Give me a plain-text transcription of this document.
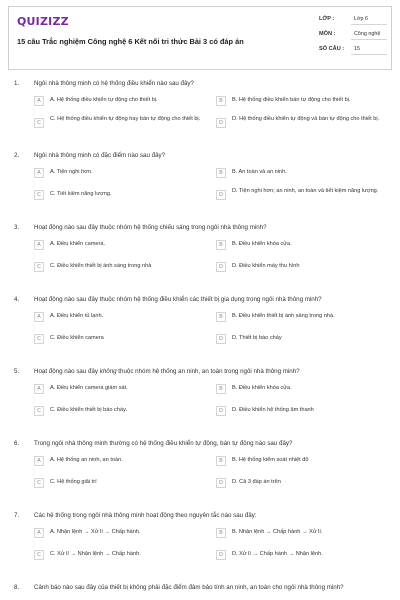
QUIZIZZ
15 câu Trắc nghiệm Công nghệ 6 Kết nối tri thức Bài 3 có đáp án
LỚP :	Lớp 6
MÔN :	Công nghệ
SỐ CÂU :	15
1. Ngôi nhà thông minh có hệ thống điều khiển nào sau đây?
A	A. Hệ thống điều khiển tự động cho thiết bị.	B	B. Hệ thống điều khiển bán tự động cho thiết bị.
C
C. Hệ thống điều khiển tự động hay bán tự động cho thiết bị.
D
D. Hệ thống điều khiển tự động và bán tự động cho thiết bị.
2. Ngôi nhà thông minh có đặc điểm nào sau đây?
A	A. Tiện nghi hơn.	B	B. An toàn và an ninh.
C	C. Tiết kiệm năng lượng.	D
D. Tiện nghi hơn; an ninh, an toàn và tiết kiệm năng lượng.
3. Hoạt động nào sau đây thuộc nhóm hệ thống chiếu sáng trong ngôi nhà thông minh?
A	A. Điều khiển camera.	B	B. Điều khiển khóa cửa.
C	C. Điều khiển thiết bị ánh sáng trong nhà	D	D. Điều khiển máy thu hình
4. Hoạt động nào sau đây thuộc nhóm hệ thống điều khiển các thiết bị gia dụng trong ngôi nhà thông minh?
A	A. Điều khiển tủ lạnh.	B	B. Điều khiển thiết bị ánh sáng trong nhà.
C	C. Điều khiển camera	D	D. Thiết bị báo cháy
5. Hoạt động nào sau đây không thuộc nhóm hệ thống an ninh, an toàn trong ngôi nhà thông minh?
A	A. Điều khiển camera giám sát.	B	B. Điều khiển khóa cửa.
C	C. Điều khiển thiết bị báo cháy.	D	D. Điều khiển hệ thống âm thanh
6. Trong ngôi nhà thông minh thường có hệ thống điều khiển tự động, bán tự động nào sau đây?
A	A. Hệ thống an ninh, an toàn.	B	B. Hệ thống kiểm soát nhiệt độ
C	C. Hệ thống giải trí	D	D. Cả 3 đáp án trên
7. Các hệ thống trong ngôi nhà thông minh hoạt động theo nguyên tắc nào sau đây:
A	A. Nhận lệnh → Xử lí → Chấp hành.	B	B. Nhận lệnh → Chấp hành → Xử lí.
C	C. Xử lí → Nhận lệnh → Chấp hành.	D	D. Xử lí → Chấp hành → Nhận lệnh.
8. Cảnh báo nào sau đây của thiết bị không phải đặc điểm đảm bảo tính an ninh, an toàn cho ngôi nhà thông minh?
